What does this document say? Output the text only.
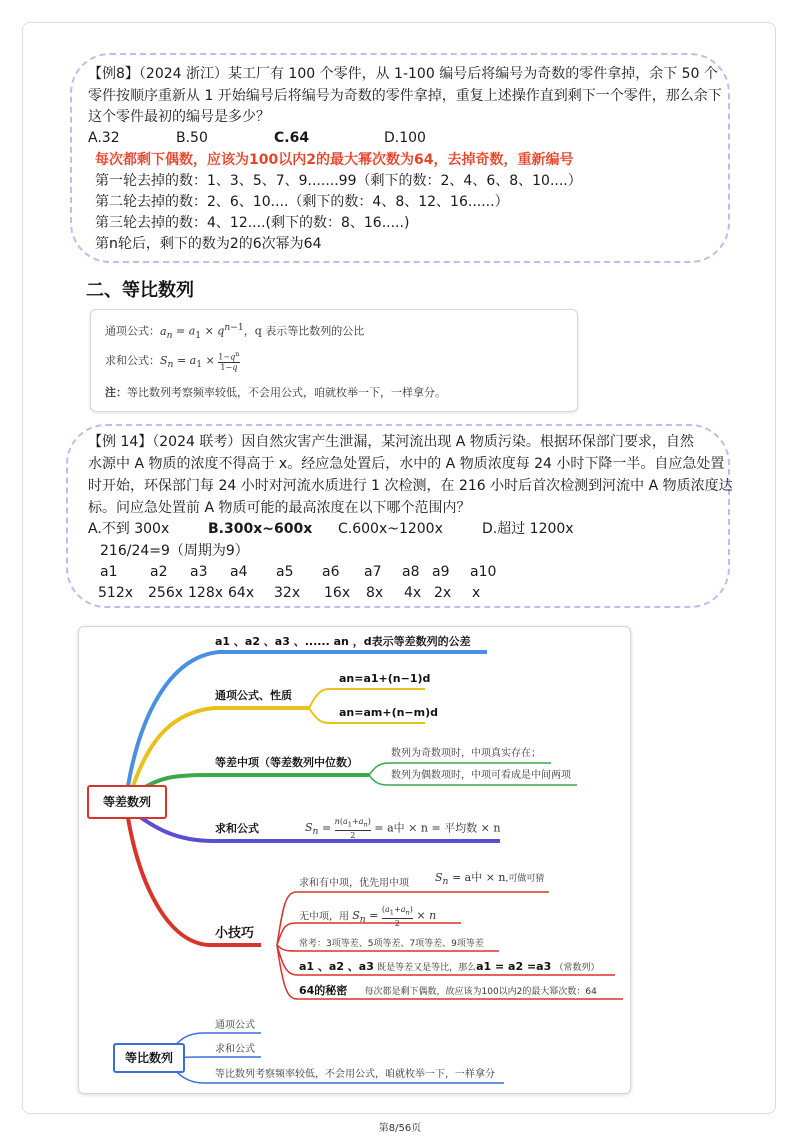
【例8】（2024 浙江）某工厂有 100 个零件，从 1-100 编号后将编号为奇数的零件拿掉，余下 50 个
零件按顺序重新从 1 开始编号后将编号为奇数的零件拿掉，重复上述操作直到剩下一个零件，那么余下
这个零件最初的编号是多少？
A.32	B.50	C.64	D.100
每次都剩下偶数，应该为100以内2的最大幂次数为64，去掉奇数，重新编号
第一轮去掉的数：1、3、5、7、9.......99（剩下的数：2、4、6、8、10....）
第二轮去掉的数：2、6、10....（剩下的数：4、8、12、16......）
第三轮去掉的数：4、12....(剩下的数：8、16.....)
第n轮后，剩下的数为2的6次幂为64
二、等比数列
通项公式：$a_n = a_1 \times q^{n-1}$，q 表示等比数列的公比
求和公式：$S_n = a_1 \times \frac{1-q^n}{1-q}$
注：等比数列考察频率较低，不会用公式，咱就枚举一下，一样拿分。
【例 14】（2024 联考）因自然灾害产生泄漏，某河流出现 A 物质污染。根据环保部门要求，自然
水源中 A 物质的浓度不得高于 x。经应急处置后，水中的 A 物质浓度每 24 小时下降一半。自应急处置
时开始，环保部门每 24 小时对河流水质进行 1 次检测，在 216 小时后首次检测到河流中 A 物质浓度达
标。问应急处置前 A 物质可能的最高浓度在以下哪个范围内？
A.不到 300x	B.300x~600x C.600x~1200x	D.超过 1200x
216/24=9（周期为9）
a1 a2 a3 a4 a5 a6 a7 a8 a9 a10
512x 256x 128x 64x 32x 16x 8x 4x 2x x
等差数列
等比数列
a1 、a2 、a3 、...... an ，d表示等差数列的公差
通项公式、性质
an=a1+(n−1)d
an=am+(n−m)d
等差中项（等差数列中位数）
数列为奇数项时，中项真实存在；
数列为偶数项时，中项可看成是中间两项
求和公式	$S_n = \frac{n(a_1+a_n)}{2} = a$中 × n = 平均数 × n
小技巧
求和有中项，优先用中项 $S_n = a$中 × n,可做可猜
无中项，用 $S_n = \frac{(a_1+a_n)}{2} \times n$
常考：3项等差、5项等差、7项等差、9项等差
a1 、a2 、a3 既是等差又是等比，那么a1 = a2 =a3 （常数列）
64的秘密 每次都是剩下偶数，故应该为100以内2的最大幂次数：64
通项公式
求和公式
等比数列考察频率较低，不会用公式，咱就枚举一下，一样拿分
第8/56页
